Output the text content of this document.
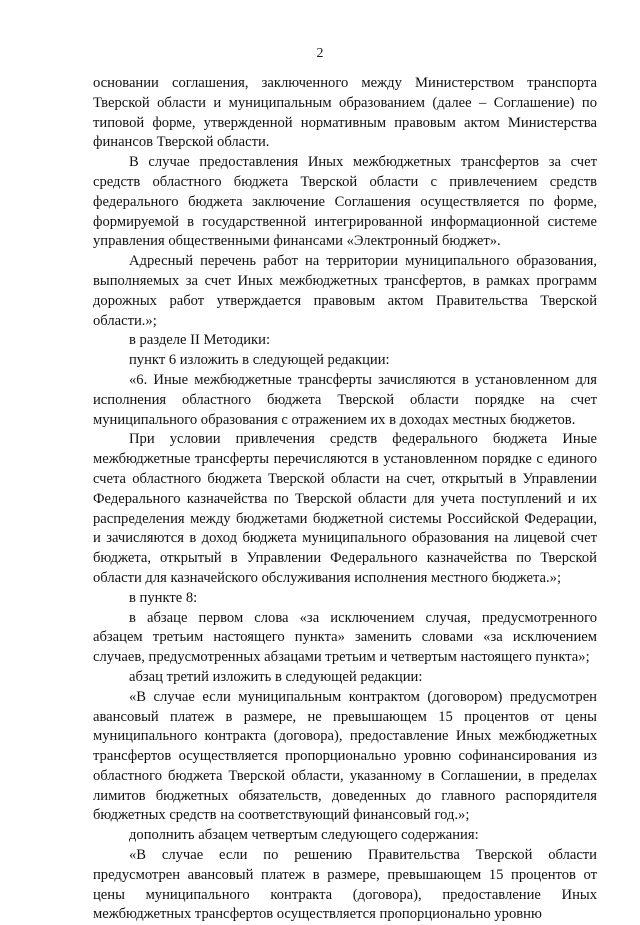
2

основании соглашения, заключенного между Министерством транспорта Тверской области и муниципальным образованием (далее – Соглашение) по типовой форме, утвержденной нормативным правовым актом Министерства финансов Тверской области.

В случае предоставления Иных межбюджетных трансфертов за счет средств областного бюджета Тверской области с привлечением средств федерального бюджета заключение Соглашения осуществляется по форме, формируемой в государственной интегрированной информационной системе управления общественными финансами «Электронный бюджет».

Адресный перечень работ на территории муниципального образования, выполняемых за счет Иных межбюджетных трансфертов, в рамках программ дорожных работ утверждается правовым актом Правительства Тверской области.»;

в разделе II Методики:

пункт 6 изложить в следующей редакции:

«6. Иные межбюджетные трансферты зачисляются в установленном для исполнения областного бюджета Тверской области порядке на счет муниципального образования с отражением их в доходах местных бюджетов.

При условии привлечения средств федерального бюджета Иные межбюджетные трансферты перечисляются в установленном порядке с единого счета областного бюджета Тверской области на счет, открытый в Управлении Федерального казначейства по Тверской области для учета поступлений и их распределения между бюджетами бюджетной системы Российской Федерации, и зачисляются в доход бюджета муниципального образования на лицевой счет бюджета, открытый в Управлении Федерального казначейства по Тверской области для казначейского обслуживания исполнения местного бюджета.»;

в пункте 8:

в абзаце первом слова «за исключением случая, предусмотренного абзацем третьим настоящего пункта» заменить словами «за исключением случаев, предусмотренных абзацами третьим и четвертым настоящего пункта»;

абзац третий изложить в следующей редакции:

«В случае если муниципальным контрактом (договором) предусмотрен авансовый платеж в размере, не превышающем 15 процентов от цены муниципального контракта (договора), предоставление Иных межбюджетных трансфертов осуществляется пропорционально уровню софинансирования из областного бюджета Тверской области, указанному в Соглашении, в пределах лимитов бюджетных обязательств, доведенных до главного распорядителя бюджетных средств на соответствующий финансовый год.»;

дополнить абзацем четвертым следующего содержания:

«В случае если по решению Правительства Тверской области предусмотрен авансовый платеж в размере, превышающем 15 процентов от цены муниципального контракта (договора), предоставление Иных межбюджетных трансфертов осуществляется пропорционально уровню
